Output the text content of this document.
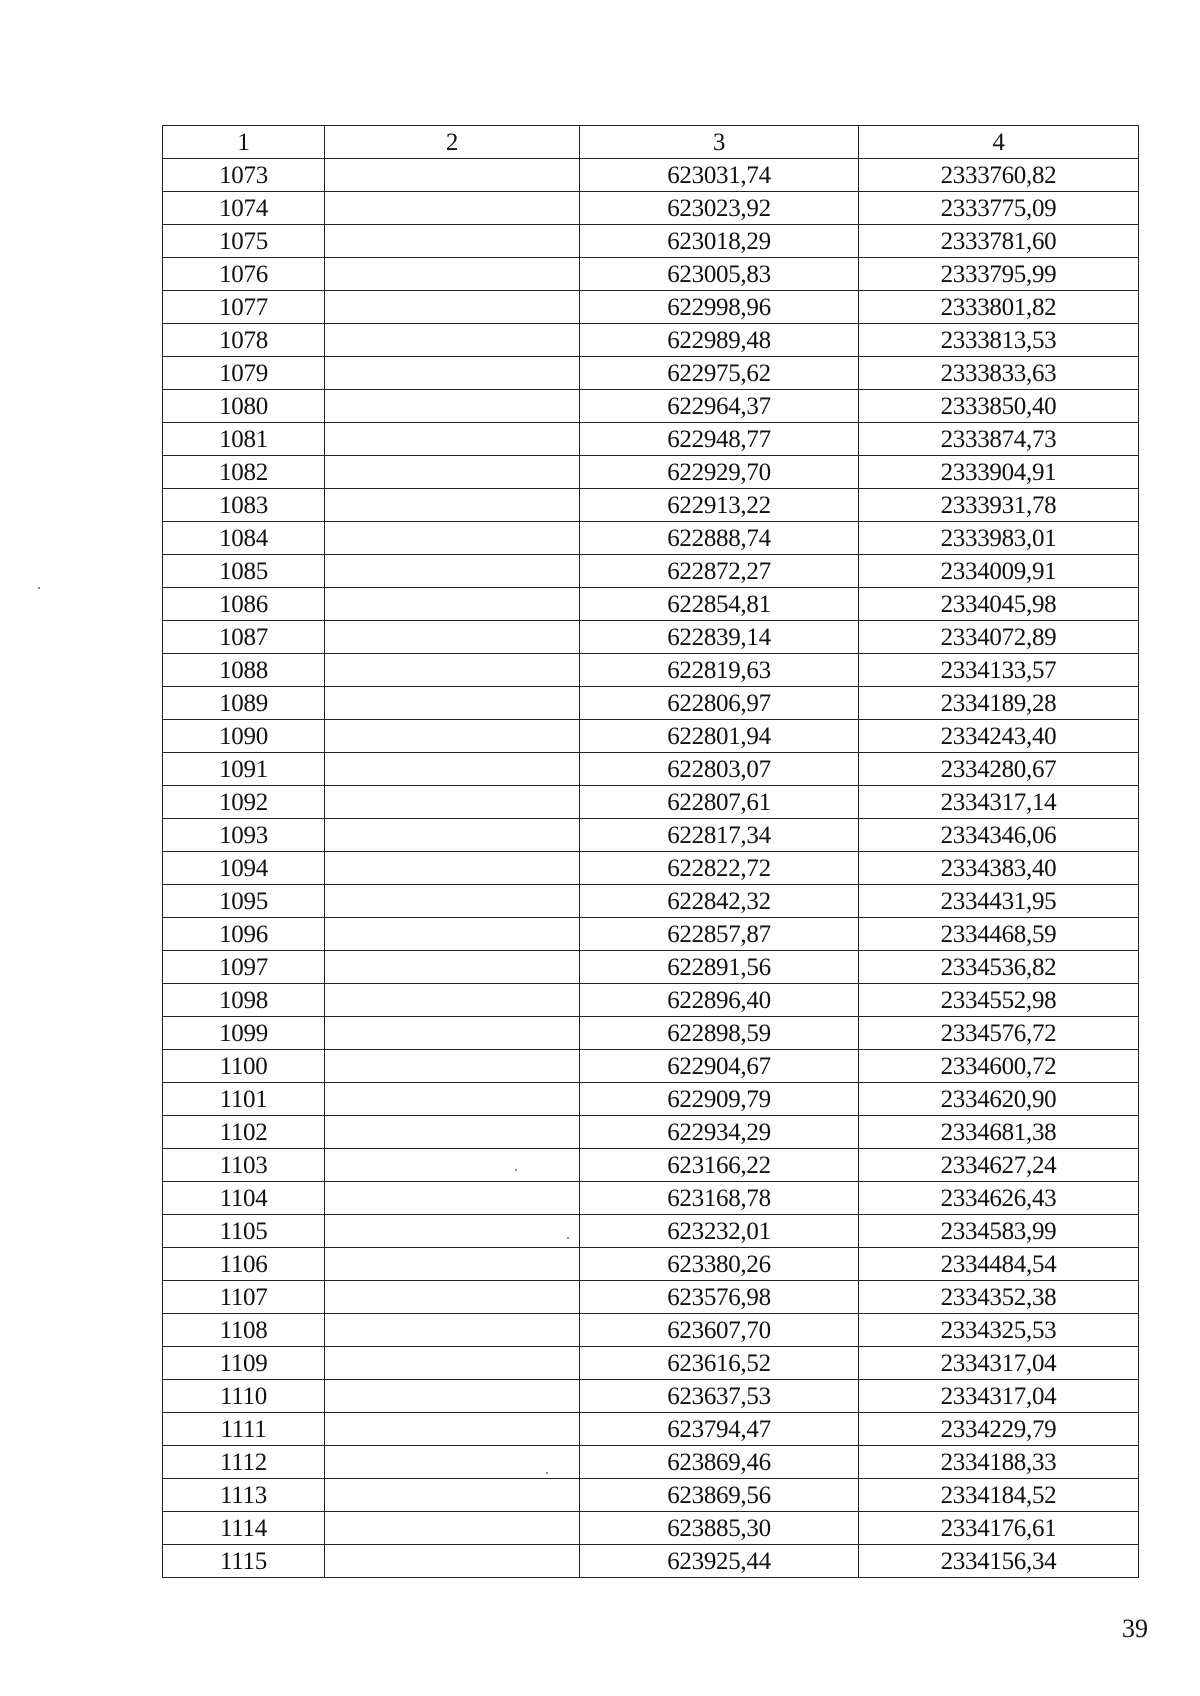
1	2	3	4
1073		623031,74	2333760,82
1074		623023,92	2333775,09
1075		623018,29	2333781,60
1076		623005,83	2333795,99
1077		622998,96	2333801,82
1078		622989,48	2333813,53
1079		622975,62	2333833,63
1080		622964,37	2333850,40
1081		622948,77	2333874,73
1082		622929,70	2333904,91
1083		622913,22	2333931,78
1084		622888,74	2333983,01
1085		622872,27	2334009,91
1086		622854,81	2334045,98
1087		622839,14	2334072,89
1088		622819,63	2334133,57
1089		622806,97	2334189,28
1090		622801,94	2334243,40
1091		622803,07	2334280,67
1092		622807,61	2334317,14
1093		622817,34	2334346,06
1094		622822,72	2334383,40
1095		622842,32	2334431,95
1096		622857,87	2334468,59
1097		622891,56	2334536,82
1098		622896,40	2334552,98
1099		622898,59	2334576,72
1100		622904,67	2334600,72
1101		622909,79	2334620,90
1102		622934,29	2334681,38
1103		623166,22	2334627,24
1104		623168,78	2334626,43
1105		623232,01	2334583,99
1106		623380,26	2334484,54
1107		623576,98	2334352,38
1108		623607,70	2334325,53
1109		623616,52	2334317,04
1110		623637,53	2334317,04
1111		623794,47	2334229,79
1112		623869,46	2334188,33
1113		623869,56	2334184,52
1114		623885,30	2334176,61
1115		623925,44	2334156,34
39
